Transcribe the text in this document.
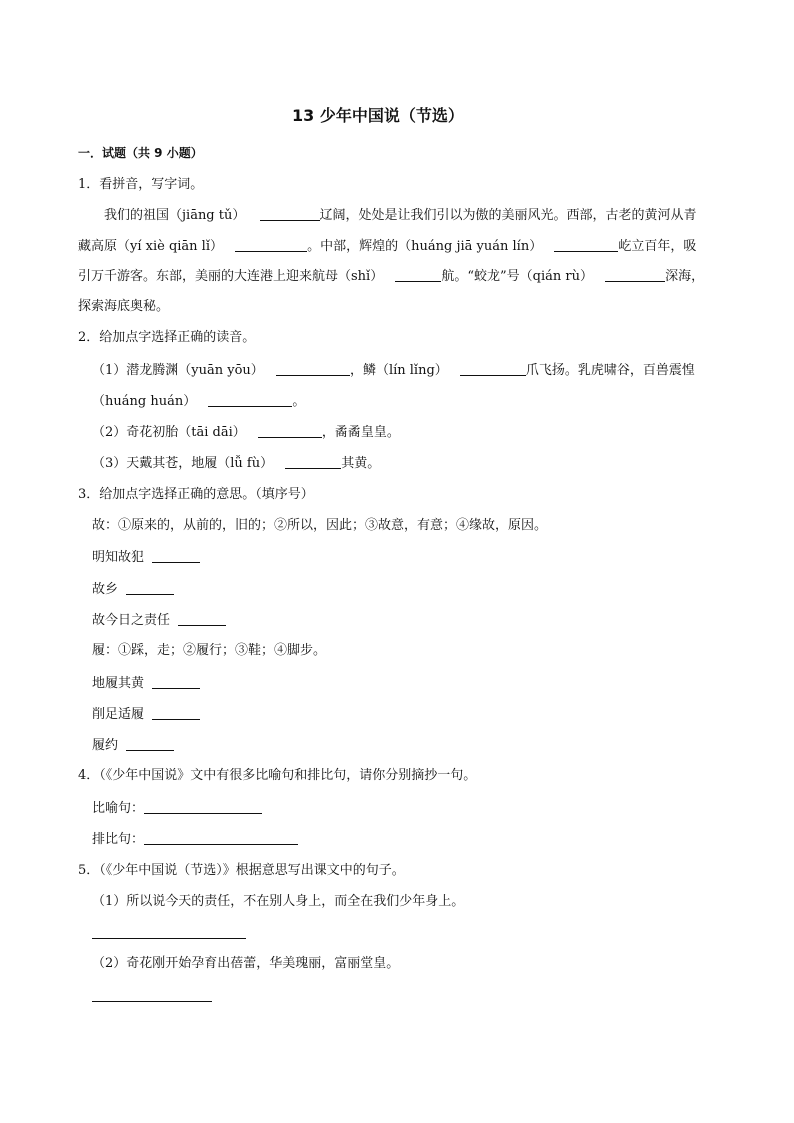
13 少年中国说（节选）
一．试题（共 9 小题）
1．看拼音，写字词。
我们的祖国（jiāng tǔ）	辽阔，处处是让我们引以为傲的美丽风光。西部，古老的黄河从青
藏高原（yí xiè qiān lǐ）	。中部，辉煌的（huáng jiā yuán lín）	屹立百年，吸
引万千游客。东部，美丽的大连港上迎来航母（shǐ）	航。“蛟龙”号（qián rù）	深海，
探索海底奥秘。
2．给加点字选择正确的读音。
（1）潜龙腾渊（yuān yōu）	，鳞（lín lǐng）	爪飞扬。乳虎啸谷，百兽震惶
（huáng huán）	。
（2）奇花初胎（tāi dāi）	，矞矞皇皇。
（3）天戴其苍，地履（lǚ fù）	其黄。
3．给加点字选择正确的意思。（填序号）
故：①原来的，从前的，旧的；②所以，因此；③故意，有意；④缘故，原因。
明知故犯
故乡
故今日之责任
履：①踩，走；②履行；③鞋；④脚步。
地履其黄
削足适履
履约
4．（《少年中国说》文中有很多比喻句和排比句，请你分别摘抄一句。
比喻句：
排比句：
5．（《少年中国说（节选）》根据意思写出课文中的句子。
（1）所以说今天的责任，不在别人身上，而全在我们少年身上。
（2）奇花刚开始孕育出蓓蕾，华美瑰丽，富丽堂皇。
